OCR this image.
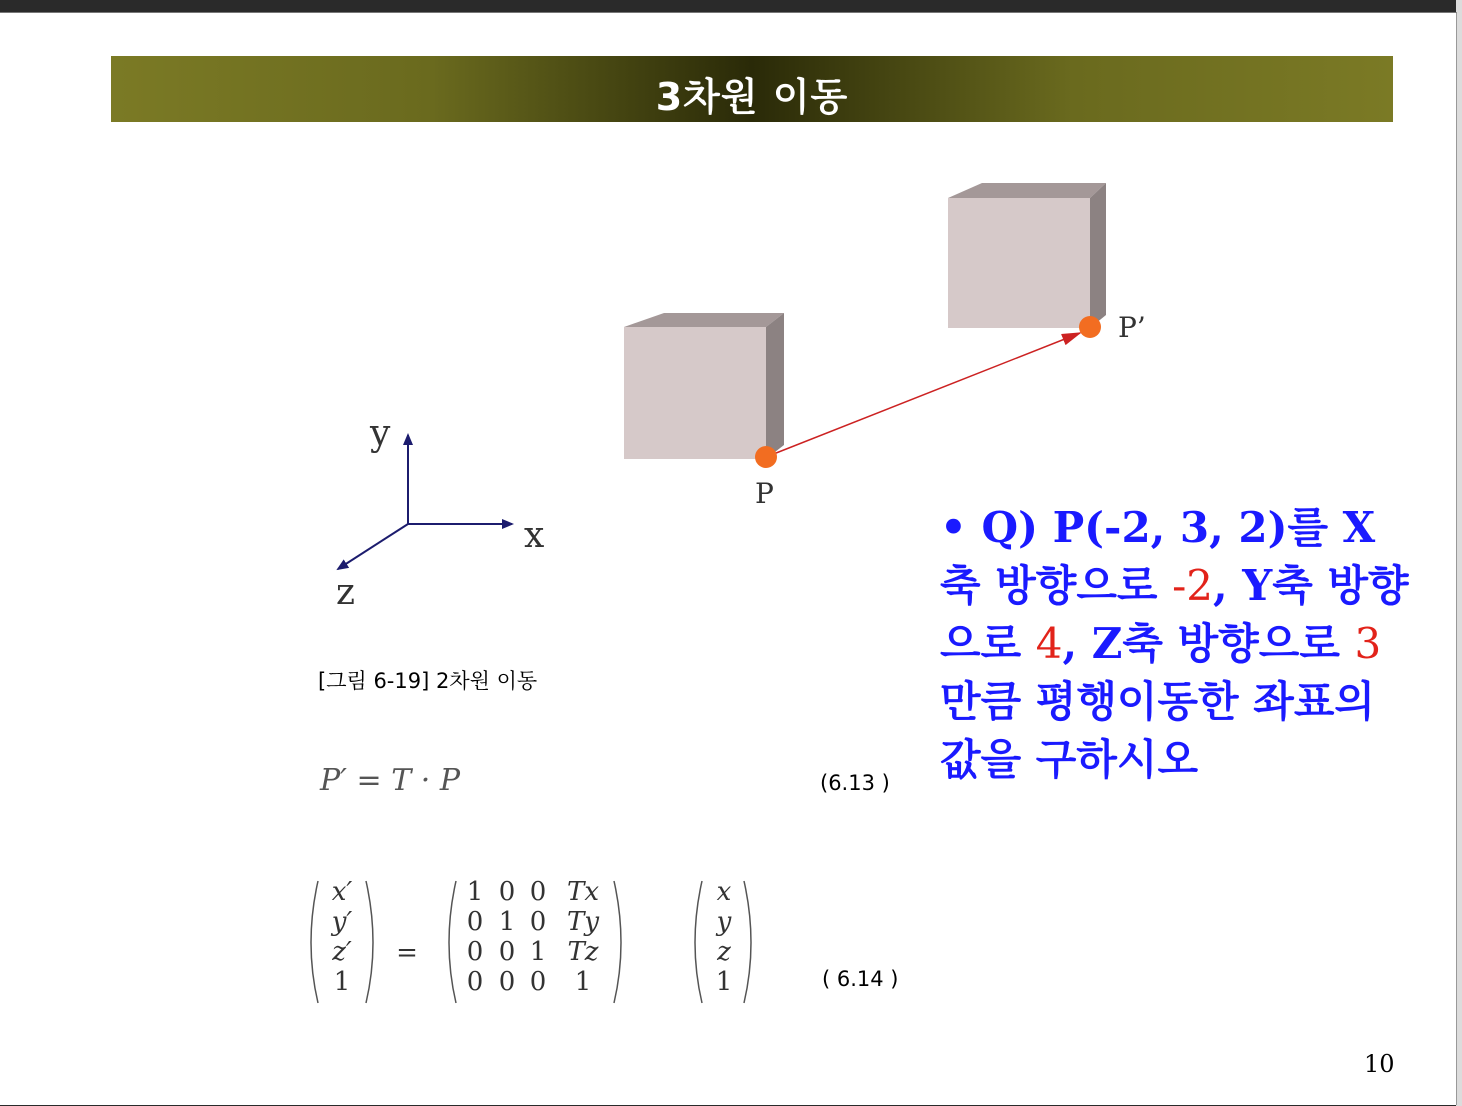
3차원 이동
y
x
z
P
P’
[그림 6-19] 2차원 이동
P′ = T · P	(6.13 )
x′
y′
z′
1
=
1
0
0
0
0
1
0
0
0
0
1
0
Tx
Ty
Tz
1
x
y
z
1	( 6.14 )
• Q) P(-2, 3, 2)를 X축 방향으로 -2, Y축 방향으로 4, Z축 방향으로 3 만큼 평행이동한 좌표의 값을 구하시오
10
